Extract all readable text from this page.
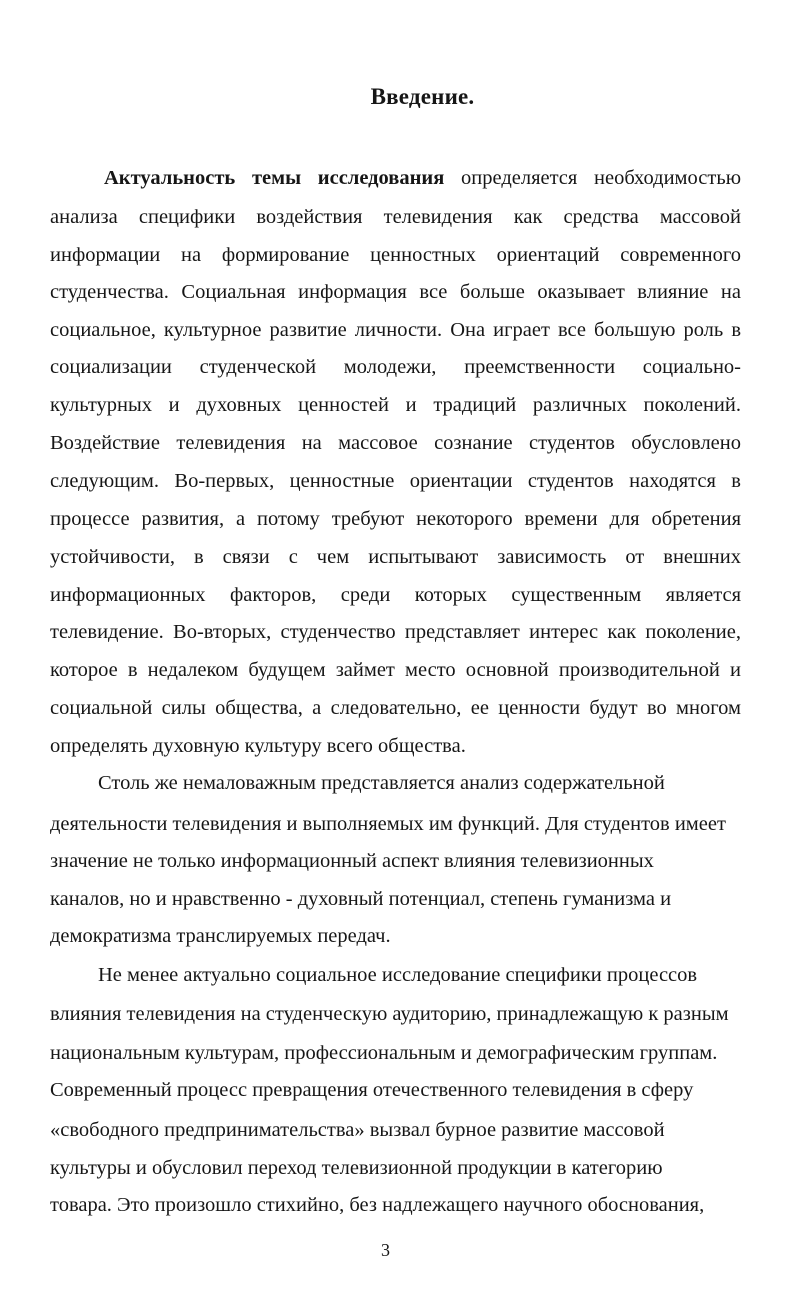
Введение.
Актуальность темы исследования определяется необходимостью
анализа специфики воздействия телевидения как средства массовой
информации на формирование ценностных ориентаций современного
студенчества. Социальная информация все больше оказывает влияние на
социальное, культурное развитие личности. Она играет все большую роль в
социализации студенческой молодежи, преемственности социально-
культурных и духовных ценностей и традиций различных поколений.
Воздействие телевидения на массовое сознание студентов обусловлено
следующим. Во-первых, ценностные ориентации студентов находятся в
процессе развития, а потому требуют некоторого времени для обретения
устойчивости, в связи с чем испытывают зависимость от внешних
информационных факторов, среди которых существенным является
телевидение. Во-вторых, студенчество представляет интерес как поколение,
которое в недалеком будущем займет место основной производительной и
социальной силы общества, а следовательно, ее ценности будут во многом
определять духовную культуру всего общества.
Столь же немаловажным представляется анализ содержательной
деятельности телевидения и выполняемых им функций. Для студентов имеет
значение не только информационный аспект влияния телевизионных
каналов, но и нравственно - духовный потенциал, степень гуманизма и
демократизма транслируемых передач.
Не менее актуально социальное исследование специфики процессов
влияния телевидения на студенческую аудиторию, принадлежащую к разным
национальным культурам, профессиональным и демографическим группам.
Современный процесс превращения отечественного телевидения в сферу
«свободного предпринимательства» вызвал бурное развитие массовой
культуры и обусловил переход телевизионной продукции в категорию
товара. Это произошло стихийно, без надлежащего научного обоснования,
3
